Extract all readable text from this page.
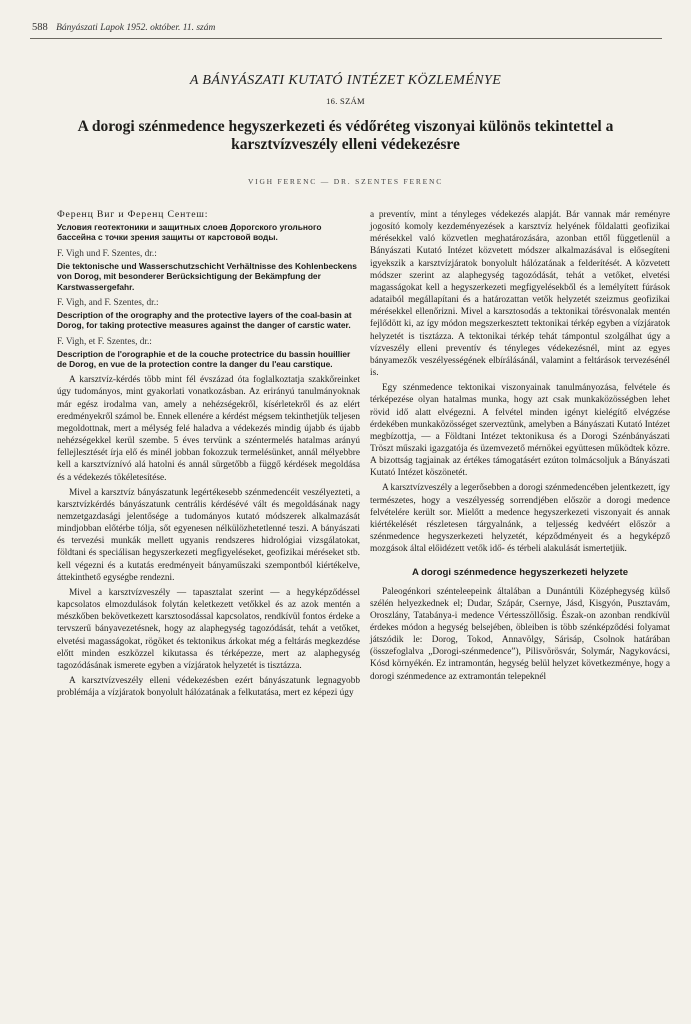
588 Bányászati Lapok 1952. október. 11. szám
A BÁNYÁSZATI KUTATÓ INTÉZET KÖZLEMÉNYE
16. SZÁM
A dorogi szénmedence hegyszerkezeti és védőréteg viszonyai különös tekintettel a karsztvízveszély elleni védekezésre
VIGH FERENC — DR. SZENTES FERENC
Ференц Виг и Ференц Сентеш:
Условия геотектоники и защитных слоев Дорогского угольного бассейна с точки зрения защиты от карстовой воды.
F. Vigh und F. Szentes, dr.:
Die tektonische und Wasserschutzschicht Verhältnisse des Kohlenbeckens von Dorog, mit besonderer Berücksichtigung der Bekämpfung der Karstwassergefahr.
F. Vigh, and F. Szentes, dr.:
Description of the orography and the protective layers of the coal-basin at Dorog, for taking protective measures against the danger of carstic water.
F. Vigh, et F. Szentes, dr.:
Description de l'orographie et de la couche protectrice du bassin houillier de Dorog, en vue de la protection contre la danger du l'eau carstique.

A karsztvíz-kérdés több mint fél évszázad óta foglalkoztatja szakkőreinket úgy tudományos, mint gyakorlati vonatkozásban. Az erirányú tanulmányoknak már egész irodalma van, amely a nehézségekről, kísérletekről és az elért eredményekről számol be. Ennek ellenére a kérdést mégsem tekinthetjük teljesen megoldottnak, mert a mélység felé haladva a védekezés mindig újabb és újabb nehézségekkel kerül szembe. 5 éves tervünk a széntermelés hatalmas arányú fellejlesztését írja elő és minél jobban fokozzuk termelésünket, annál mélyebbre kell a karsztvíznívó alá hatolni és annál sürgetőbb a függő kérdések megoldása és a védekezés tökéletesítése.

Mivel a karsztvíz bányászatunk legértékesebb szénmedencéit veszélyezteti, a karsztvízkérdés bányászatunk centrális kérdésévé vált és megoldásának nagy nemzetgazdasági jelentősége a tudományos kutató módszerek alkalmazását mindjobban előtérbe tólja, sőt egyenesen nélkülözhetetlenné teszi. A bányászati és tervezési munkák mellett ugyanis rendszeres hidrológiai vizsgálatokat, földtani és speciálisan hegyszerkezeti megfigyeléseket, geofizikai méréseket stb. kell végezni és a kutatás eredményeit bányaműszaki szempontból kiértékelve, áttekinthető egységbe rendezni.

Mivel a karsztvízveszély — tapasztalat szerint — a hegyképződéssel kapcsolatos elmozdulások folytán keletkezett vetőkkel és az azok mentén a mészkőben bekövetkezett karsztosodással kapcsolatos, rendkívül fontos érdeke a tervszerű bányavezetésnek, hogy az alaphegység tagozódását, tehát a vetőket, elvetési magasságokat, rögöket és tektonikus árkokat még a feltárás megkezdése előtt minden eszközzel kikutassa és térképezze, mert az alaphegység tagozódásának ismerete egyben a vízjáratok helyzetét is tisztázza.

A karsztvízveszély elleni védekezésben ezért bányászatunk legnagyobb problémája a vízjáratok bonyolult hálózatának a felkutatása, mert ez képezi úgy

a preventív, mint a tényleges védekezés alapját. Bár vannak már reményre jogosító komoly kezdeményezések a karsztvíz helyének földalatti geofizikai mérésekkel való közvetlen meghatározására, azonban ettől függetlenül a Bányászati Kutató Intézet közvetett módszer alkalmazásával is elősegíteni igyekszik a karsztvízjáratok bonyolult hálózatának a felderítését. A közvetett módszer szerint az alaphegység tagozódását, tehát a vetőket, elvetési magasságokat kell a hegyszerkezeti megfigyelésekből és a lemélyített fúrások adataiból megállapítani és a határozattan vetők helyzetét szeizmus geofizikai mérésekkel ellenőrizni. Mivel a karsztosodás a tektonikai törésvonalak mentén fejlődött ki, az így módon megszerkesztett tektonikai térkép egyben a vízjáratok helyzetét is tisztázza. A tektonikai térkép tehát támpontul szolgálhat úgy a vízveszély elleni preventív és tényleges védekezésnél, mint az egyes bányamezők veszélyességének elbírálásánál, valamint a feltárások tervezésénél is.

Egy szénmedence tektonikai viszonyainak tanulmányozása, felvétele és térképezése olyan hatalmas munka, hogy azt csak munkaközösségben lehet rövid idő alatt elvégezni. A felvétel minden igényt kielégítő elvégzése érdekében munkaközösséget szerveztünk, amelyben a Bányászati Kutató Intézet megbízottja, — a Földtani Intézet tektonikusa és a Dorogi Szénbányászati Tröszt műszaki igazgatója és üzemvezető mérnökei együttesen működtek közre. A bizottság tagjainak az értékes támogatásért ezúton tolmácsoljuk a Bányászati Kutató Intézet köszönetét.

A karsztvízveszély a legerősebben a dorogi szénmedencében jelentkezett, így természetes, hogy a veszélyesség sorrendjében először a dorogi medence felvételére került sor. Mielőtt a medence hegyszerkezeti viszonyait és annak kiértékelését részletesen tárgyalnánk, a teljesség kedvéért először a szénmedence hegyszerkezeti helyzetét, képződményeit és a hegyképző mozgások által előidézett vetők idő- és térbeli alakulását ismertetjük.

A dorogi szénmedence hegyszerkezeti helyzete

Paleogénkori szénteleepeink általában a Dunántúli Középhegység külső szélén helyezkednek el; Dudar, Szápár, Csernye, Jásd, Kisgyón, Pusztavám, Oroszlány, Tatabánya-i medence Vértesszöllősig. Észak-on azonban rendkívül érdekes módon a hegység belsejében, öbleiben is több szénképződési folyamat játszódik le: Dorog, Tokod, Annavölgy, Sárisáp, Csolnok határában (összefoglalva „Dorogi-szénmedence”), Pilisvörösvár, Solymár, Nagykovácsi, Kósd környékén. Ez intramontán, hegység belül helyzet következménye, hogy a dorogi szénmedence az extramontán telepeknél
